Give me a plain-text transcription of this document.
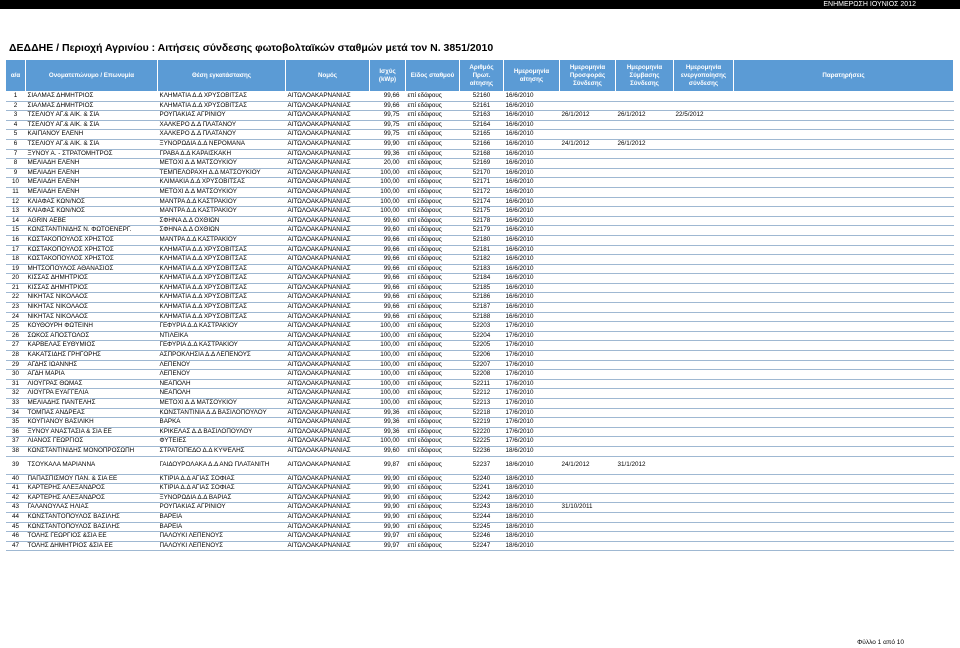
ΕΝΗΜΕΡΩΣΗ ΙΟΥΝΙΟΣ 2012
ΔΕΔΔΗΕ / Περιοχή Αγρινίου : Αιτήσεις σύνδεσης φωτοβολταϊκών σταθμών μετά τον Ν. 3851/2010
α/α	Ονοματεπώνυμο / Επωνυμία	Θέση εγκατάστασης	Νομός	Ισχύς (kWp)	Είδος σταθμού	Αριθμός Πρωτ. αίτησης	Ημερομηνία αίτησης	Ημερομηνία Προσφοράς Σύνδεσης	Ημερομηνία Σύμβασης Σύνδεσης	Ημερομηνία ενεργοποίησης σύνδεσης	Παρατηρήσεις
1	ΣΙΑΛΜΑΣ ΔΗΜΗΤΡΙΟΣ	ΚΛΗΜΑΤΙΑ Δ.Δ ΧΡΥΣΟΒΙΤΣΑΣ	ΑΙΤΩΛΟΑΚΑΡΝΑΝΙΑΣ	99,66	επί εδάφους	52160	16/6/2010				
2	ΣΙΑΛΜΑΣ ΔΗΜΗΤΡΙΟΣ	ΚΛΗΜΑΤΙΑ Δ.Δ ΧΡΥΣΟΒΙΤΣΑΣ	ΑΙΤΩΛΟΑΚΑΡΝΑΝΙΑΣ	99,66	επί εδάφους	52161	16/6/2010				
3	ΤΣΕΛΙΟΥ ΑΓ.& ΑΙΚ. & ΣΙΑ	ΡΟΥΠΑΚΙΑΣ ΑΓΡΙΝΙΟΥ	ΑΙΤΩΛΟΑΚΑΡΝΑΝΙΑΣ	99,75	επί εδάφους	52163	16/6/2010	26/1/2012	26/1/2012	22/5/2012	
4	ΤΣΕΛΙΟΥ ΑΓ.& ΑΙΚ. & ΣΙΑ	ΧΑΛΚΕΡΟ Δ.Δ ΠΛΑΤΑΝΟΥ	ΑΙΤΩΛΟΑΚΑΡΝΑΝΙΑΣ	99,75	επί εδάφους	52164	16/6/2010				
5	ΚΑΙΠΑΝΟΥ ΕΛΕΝΗ	ΧΑΛΚΕΡΟ Δ.Δ ΠΛΑΤΑΝΟΥ	ΑΙΤΩΛΟΑΚΑΡΝΑΝΙΑΣ	99,75	επί εδάφους	52165	16/6/2010				
6	ΤΣΕΛΙΟΥ ΑΓ.& ΑΙΚ. & ΣΙΑ	ΞΥΝΟΡΩΔΙΑ Δ.Δ ΝΕΡΟΜΑΝΑ	ΑΙΤΩΛΟΑΚΑΡΝΑΝΙΑΣ	99,90	επί εδάφους	52166	16/6/2010	24/1/2012	26/1/2012		
7	ΞΥΝΟΥ Α. - ΣΤΡΑΤΟΜΗΤΡΟΣ	ΓΡΑΒΑ Δ.Δ ΚΑΡΑΙΣΚΑΚΗ	ΑΙΤΩΛΟΑΚΑΡΝΑΝΙΑΣ	99,36	επί εδάφους	52168	16/6/2010				
8	ΜΕΛΙΑΔΗ ΕΛΕΝΗ	ΜΕΤΟΧΙ Δ.Δ ΜΑΤΣΟΥΚΙΟΥ	ΑΙΤΩΛΟΑΚΑΡΝΑΝΙΑΣ	20,00	επί εδάφους	52169	16/6/2010				
9	ΜΕΛΙΑΔΗ ΕΛΕΝΗ	ΤΕΜΠΕΛΟΡΑΧΗ Δ.Δ ΜΑΤΣΟΥΚΙΟΥ	ΑΙΤΩΛΟΑΚΑΡΝΑΝΙΑΣ	100,00	επί εδάφους	52170	16/6/2010				
10	ΜΕΛΙΑΔΗ ΕΛΕΝΗ	ΚΛΙΜΑΚΙΑ Δ.Δ ΧΡΥΣΟΒΙΤΣΑΣ	ΑΙΤΩΛΟΑΚΑΡΝΑΝΙΑΣ	100,00	επί εδάφους	52171	16/6/2010				
11	ΜΕΛΙΑΔΗ ΕΛΕΝΗ	ΜΕΤΟΧΙ Δ.Δ ΜΑΤΣΟΥΚΙΟΥ	ΑΙΤΩΛΟΑΚΑΡΝΑΝΙΑΣ	100,00	επί εδάφους	52172	16/6/2010				
12	ΚΛΙΑΦΑΣ ΚΩΝ/ΝΟΣ	ΜΑΝΤΡΑ Δ.Δ ΚΑΣΤΡΑΚΙΟΥ	ΑΙΤΩΛΟΑΚΑΡΝΑΝΙΑΣ	100,00	επί εδάφους	52174	16/6/2010				
13	ΚΛΙΑΦΑΣ ΚΩΝ/ΝΟΣ	ΜΑΝΤΡΑ Δ.Δ ΚΑΣΤΡΑΚΙΟΥ	ΑΙΤΩΛΟΑΚΑΡΝΑΝΙΑΣ	100,00	επί εδάφους	52175	16/6/2010				
14	AGRIN ΑΕΒΕ	ΣΦΗΝΑ Δ.Δ ΟΧΘΙΩΝ	ΑΙΤΩΛΟΑΚΑΡΝΑΝΙΑΣ	99,60	επί εδάφους	52178	16/6/2010				
15	ΚΩΝΣΤΑΝΤΙΝΙΔΗΣ Ν. ΦΩΤΟΕΝΕΡΓ.	ΣΦΗΝΑ Δ.Δ ΟΧΘΙΩΝ	ΑΙΤΩΛΟΑΚΑΡΝΑΝΙΑΣ	99,60	επί εδάφους	52179	16/6/2010				
16	ΚΩΣΤΑΚΟΠΟΥΛΟΣ ΧΡΗΣΤΟΣ	ΜΑΝΤΡΑ Δ.Δ ΚΑΣΤΡΑΚΙΟΥ	ΑΙΤΩΛΟΑΚΑΡΝΑΝΙΑΣ	99,66	επί εδάφους	52180	16/6/2010				
17	ΚΩΣΤΑΚΟΠΟΥΛΟΣ ΧΡΗΣΤΟΣ	ΚΛΗΜΑΤΙΑ Δ.Δ ΧΡΥΣΟΒΙΤΣΑΣ	ΑΙΤΩΛΟΑΚΑΡΝΑΝΙΑΣ	99,66	επί εδάφους	52181	16/6/2010				
18	ΚΩΣΤΑΚΟΠΟΥΛΟΣ ΧΡΗΣΤΟΣ	ΚΛΗΜΑΤΙΑ Δ.Δ ΧΡΥΣΟΒΙΤΣΑΣ	ΑΙΤΩΛΟΑΚΑΡΝΑΝΙΑΣ	99,66	επί εδάφους	52182	16/6/2010				
19	ΜΗΤΣΟΠΟΥΛΟΣ ΑΘΑΝΑΣΙΟΣ	ΚΛΗΜΑΤΙΑ Δ.Δ ΧΡΥΣΟΒΙΤΣΑΣ	ΑΙΤΩΛΟΑΚΑΡΝΑΝΙΑΣ	99,66	επί εδάφους	52183	16/6/2010				
20	ΚΙΣΣΑΣ ΔΗΜΗΤΡΙΟΣ	ΚΛΗΜΑΤΙΑ Δ.Δ ΧΡΥΣΟΒΙΤΣΑΣ	ΑΙΤΩΛΟΑΚΑΡΝΑΝΙΑΣ	99,66	επί εδάφους	52184	16/6/2010				
21	ΚΙΣΣΑΣ ΔΗΜΗΤΡΙΟΣ	ΚΛΗΜΑΤΙΑ Δ.Δ ΧΡΥΣΟΒΙΤΣΑΣ	ΑΙΤΩΛΟΑΚΑΡΝΑΝΙΑΣ	99,66	επί εδάφους	52185	16/6/2010				
22	ΝΙΚΗΤΑΣ ΝΙΚΟΛΑΟΣ	ΚΛΗΜΑΤΙΑ Δ.Δ ΧΡΥΣΟΒΙΤΣΑΣ	ΑΙΤΩΛΟΑΚΑΡΝΑΝΙΑΣ	99,66	επί εδάφους	52186	16/6/2010				
23	ΝΙΚΗΤΑΣ ΝΙΚΟΛΑΟΣ	ΚΛΗΜΑΤΙΑ Δ.Δ ΧΡΥΣΟΒΙΤΣΑΣ	ΑΙΤΩΛΟΑΚΑΡΝΑΝΙΑΣ	99,66	επί εδάφους	52187	16/6/2010				
24	ΝΙΚΗΤΑΣ ΝΙΚΟΛΑΟΣ	ΚΛΗΜΑΤΙΑ Δ.Δ ΧΡΥΣΟΒΙΤΣΑΣ	ΑΙΤΩΛΟΑΚΑΡΝΑΝΙΑΣ	99,66	επί εδάφους	52188	16/6/2010				
25	ΚΟΥΘΟΥΡΗ ΦΩΤΕΙΝΗ	ΓΕΦΥΡΙΑ Δ.Δ ΚΑΣΤΡΑΚΙΟΥ	ΑΙΤΩΛΟΑΚΑΡΝΑΝΙΑΣ	100,00	επί εδάφους	52203	17/6/2010				
26	ΣΩΚΟΣ ΑΠΟΣΤΟΛΟΣ	ΝΤΙΛΕΙΚΑ	ΑΙΤΩΛΟΑΚΑΡΝΑΝΙΑΣ	100,00	επί εδάφους	52204	17/6/2010				
27	ΚΑΡΒΕΛΑΣ ΕΥΘΥΜΙΟΣ	ΓΕΦΥΡΙΑ Δ.Δ ΚΑΣΤΡΑΚΙΟΥ	ΑΙΤΩΛΟΑΚΑΡΝΑΝΙΑΣ	100,00	επί εδάφους	52205	17/6/2010				
28	ΚΑΚΑΤΣΙΔΗΣ ΓΡΗΓΟΡΗΣ	ΑΣΠΡΟΚΛΗΣΙΑ Δ.Δ ΛΕΠΕΝΟΥΣ	ΑΙΤΩΛΟΑΚΑΡΝΑΝΙΑΣ	100,00	επί εδάφους	52206	17/6/2010				
29	ΑΓΔΗΣ ΙΩΑΝΝΗΣ	ΛΕΠΕΝΟΥ	ΑΙΤΩΛΟΑΚΑΡΝΑΝΙΑΣ	100,00	επί εδάφους	52207	17/6/2010				
30	ΑΓΔΗ ΜΑΡΙΑ	ΛΕΠΕΝΟΥ	ΑΙΤΩΛΟΑΚΑΡΝΑΝΙΑΣ	100,00	επί εδάφους	52208	17/6/2010				
31	ΛΙΟΥΓΡΑΣ ΘΩΜΑΣ	ΝΕΑΠΟΛΗ	ΑΙΤΩΛΟΑΚΑΡΝΑΝΙΑΣ	100,00	επί εδάφους	52211	17/6/2010				
32	ΛΙΟΥΓΡΑ ΕΥΑΓΓΕΛΙΑ	ΝΕΑΠΟΛΗ	ΑΙΤΩΛΟΑΚΑΡΝΑΝΙΑΣ	100,00	επί εδάφους	52212	17/6/2010				
33	ΜΕΛΙΑΔΗΣ ΠΑΝΤΕΛΗΣ	ΜΕΤΟΧΙ Δ.Δ ΜΑΤΣΟΥΚΙΟΥ	ΑΙΤΩΛΟΑΚΑΡΝΑΝΙΑΣ	100,00	επί εδάφους	52213	17/6/2010				
34	ΤΟΜΠΑΣ ΑΝΔΡΕΑΣ	ΚΩΝΣΤΑΝΤΙΝΙΑ Δ.Δ ΒΑΣΙΛΟΠΟΥΛΟΥ	ΑΙΤΩΛΟΑΚΑΡΝΑΝΙΑΣ	99,36	επί εδάφους	52218	17/6/2010				
35	ΚΟΥΓΙΑΝΟΥ ΒΑΣΙΛΙΚΗ	ΒΑΡΚΑ	ΑΙΤΩΛΟΑΚΑΡΝΑΝΙΑΣ	99,36	επί εδάφους	52219	17/6/2010				
36	ΞΥΝΟΥ ΑΝΑΣΤΑΣΙΑ & ΣΙΑ ΕΕ	ΚΡΙΚΕΛΑΣ Δ.Δ ΒΑΣΙΛΟΠΟΥΛΟΥ	ΑΙΤΩΛΟΑΚΑΡΝΑΝΙΑΣ	99,36	επί εδάφους	52220	17/6/2010				
37	ΛΙΑΝΟΣ ΓΕΩΡΓΙΟΣ	ΦΥΤΕΙΕΣ	ΑΙΤΩΛΟΑΚΑΡΝΑΝΙΑΣ	100,00	επί εδάφους	52225	17/6/2010				
38	ΚΩΝΣΤΑΝΤΙΝΙΔΗΣ ΜΟΝΟΠΡΟΣΩΠΗ	ΣΤΡΑΤΟΠΕΔΟ Δ.Δ ΚΥΨΕΛΗΣ	ΑΙΤΩΛΟΑΚΑΡΝΑΝΙΑΣ	99,60	επί εδάφους	52236	18/6/2010				
39	ΤΣΟΥΚΑΛΑ ΜΑΡΙΑΝΝΑ	ΓΑΙΔΟΥΡΟΛΑΚΑ Δ.Δ ΑΝΩ ΠΛΑΤΑΝΙΤΗ	ΑΙΤΩΛΟΑΚΑΡΝΑΝΙΑΣ	99,87	επί εδάφους	52237	18/6/2010	24/1/2012	31/1/2012		
40	ΠΑΠΑΣΠΙΣΜΟΥ ΠΑΝ. & ΣΙΑ ΕΕ	ΚΤΙΡΙΑ Δ.Δ ΑΓΙΑΣ ΣΟΦΙΑΣ	ΑΙΤΩΛΟΑΚΑΡΝΑΝΙΑΣ	99,90	επί εδάφους	52240	18/6/2010				
41	ΚΑΡΤΕΡΗΣ ΑΛΕΞΑΝΔΡΟΣ	ΚΤΙΡΙΑ Δ.Δ ΑΓΙΑΣ ΣΟΦΙΑΣ	ΑΙΤΩΛΟΑΚΑΡΝΑΝΙΑΣ	99,90	επί εδάφους	52241	18/6/2010				
42	ΚΑΡΤΕΡΗΣ ΑΛΕΞΑΝΔΡΟΣ	ΞΥΝΟΡΩΔΙΑ Δ.Δ ΒΑΡΙΑΣ	ΑΙΤΩΛΟΑΚΑΡΝΑΝΙΑΣ	99,90	επί εδάφους	52242	18/6/2010				
43	ΓΑΛΑΝΟΥΛΑΣ ΗΛΙΑΣ	ΡΟΥΠΑΚΙΑΣ ΑΓΡΙΝΙΟΥ	ΑΙΤΩΛΟΑΚΑΡΝΑΝΙΑΣ	99,90	επί εδάφους	52243	18/6/2010	31/10/2011			
44	ΚΩΝΣΤΑΝΤΟΠΟΥΛΟΣ ΒΑΣΙΛΗΣ	ΒΑΡΕΙΑ	ΑΙΤΩΛΟΑΚΑΡΝΑΝΙΑΣ	99,90	επί εδάφους	52244	18/6/2010				
45	ΚΩΝΣΤΑΝΤΟΠΟΥΛΟΣ ΒΑΣΙΛΗΣ	ΒΑΡΕΙΑ	ΑΙΤΩΛΟΑΚΑΡΝΑΝΙΑΣ	99,90	επί εδάφους	52245	18/6/2010				
46	ΤΟΛΗΣ ΓΕΩΡΓΙΟΣ &ΣΙΑ ΕΕ	ΠΑΛΟΥΚΙ ΛΕΠΕΝΟΥΣ	ΑΙΤΩΛΟΑΚΑΡΝΑΝΙΑΣ	99,97	επί εδάφους	52246	18/6/2010				
47	ΤΟΛΗΣ ΔΗΜΗΤΡΙΟΣ &ΣΙΑ ΕΕ	ΠΑΛΟΥΚΙ ΛΕΠΕΝΟΥΣ	ΑΙΤΩΛΟΑΚΑΡΝΑΝΙΑΣ	99,97	επί εδάφους	52247	18/6/2010				
Φύλλο 1 από 10
